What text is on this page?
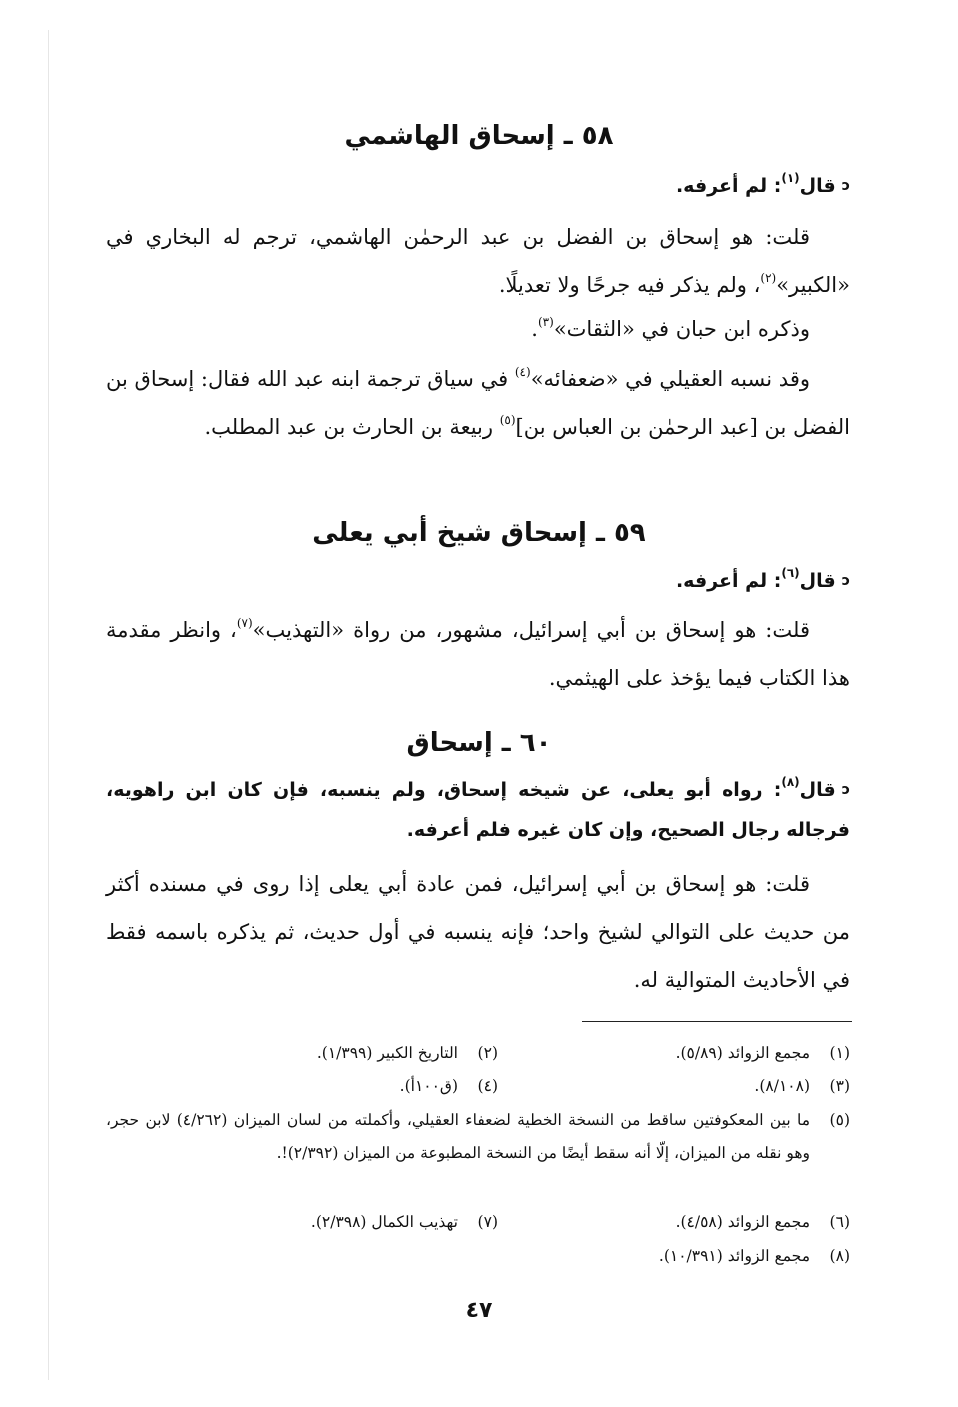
٥٨ ـ إسحاق الهاشمي
ᴐقال$^{(١)}$: لم أعرفه.
قلت: هو إسحاق بن الفضل بن عبد الرحمٰن الهاشمي، ترجم له البخاري في «الكبير»$^{(٢)}$، ولم يذكر فيه جرحًا ولا تعديلًا.
وذكره ابن حبان في «الثقات»$^{(٣)}$.
وقد نسبه العقيلي في «ضعفائه»$^{(٤)}$ في سياق ترجمة ابنه عبد الله فقال: إسحاق بن الفضل بن [عبد الرحمٰن بن العباس بن]$^{(٥)}$ ربيعة بن الحارث بن عبد المطلب.
٥٩ ـ إسحاق شيخ أبي يعلى
ᴐقال$^{(٦)}$: لم أعرفه.
قلت: هو إسحاق بن أبي إسرائيل، مشهور، من رواة «التهذيب»$^{(٧)}$، وانظر مقدمة هذا الكتاب فيما يؤخذ على الهيثمي.
٦٠ ـ إسحاق
ᴐقال$^{(٨)}$: رواه أبو يعلى، عن شيخه إسحاق، ولم ينسبه، فإن كان ابن راهويه، فرجاله رجال الصحيح، وإن كان غيره فلم أعرفه.
قلت: هو إسحاق بن أبي إسرائيل، فمن عادة أبي يعلى إذا روى في مسنده أكثر من حديث على التوالي لشيخ واحد؛ فإنه ينسبه في أول حديث، ثم يذكره باسمه فقط في الأحاديث المتوالية له.
(١)مجمع الزوائد (٥/٨٩).
(٢)التاريخ الكبير (١/٣٩٩).
(٣)(٨/١٠٨).
(٤)(ق١٠٠أ).
(٥)
ما بين المعكوفتين ساقط من النسخة الخطية لضعفاء العقيلي، وأكملته من لسان الميزان (٤/٢٦٢) لابن حجر، وهو نقله من الميزان، إلّا أنه سقط أيضًا من النسخة المطبوعة من الميزان (٢/٣٩٢)!.
(٦)مجمع الزوائد (٤/٥٨).
(٧)تهذيب الكمال (٢/٣٩٨).
(٨)مجمع الزوائد (١٠/٣٩١).
٤٧
